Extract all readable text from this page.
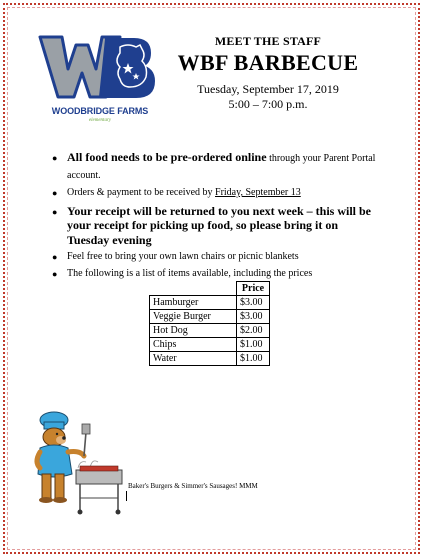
WOODBRIDGE FARMS
elementary
MEET THE STAFF
WBF BARBECUE
Tuesday, September 17, 2019
5:00 – 7:00 p.m.
● All food needs to be pre-ordered online through your Parent Portal account.
● Orders & payment to be received by Friday, September 13
● Your receipt will be returned to you next week – this will be your receipt for picking up food, so please bring it on Tuesday evening
● Feel free to bring your own lawn chairs or picnic blankets
● The following is a list of items available, including the prices
	Price
Hamburger	$3.00
Veggie Burger	$3.00
Hot Dog	$2.00
Chips	$1.00
Water	$1.00
Baker's Burgers & Simmer's Sausages! MMM
